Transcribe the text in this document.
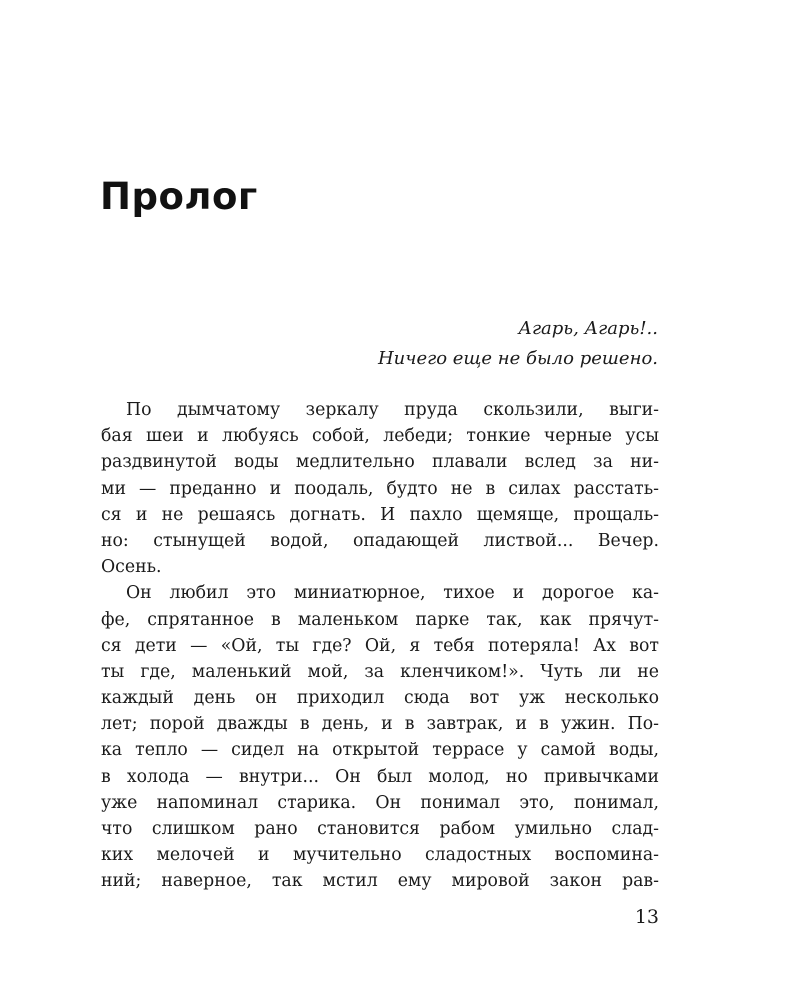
Пролог
Агарь, Агарь!..
Ничего еще не было решено.
По дымчатому зеркалу пруда скользили, выги-
бая шеи и любуясь собой, лебеди; тонкие черные усы
раздвинутой воды медлительно плавали вслед за ни-
ми — преданно и поодаль, будто не в силах расстать-
ся и не решаясь догнать. И пахло щемяще, прощаль-
но: стынущей водой, опадающей листвой... Вечер.
Осень.
Он любил это миниатюрное, тихое и дорогое ка-
фе, спрятанное в маленьком парке так, как прячут-
ся дети — «Ой, ты где? Ой, я тебя потеряла! Ах вот
ты где, маленький мой, за кленчиком!». Чуть ли не
каждый день он приходил сюда вот уж несколько
лет; порой дважды в день, и в завтрак, и в ужин. По-
ка тепло — сидел на открытой террасе у самой воды,
в холода — внутри... Он был молод, но привычками
уже напоминал старика. Он понимал это, понимал,
что слишком рано становится рабом умильно слад-
ких мелочей и мучительно сладостных воспомина-
ний; наверное, так мстил ему мировой закон рав-
13
